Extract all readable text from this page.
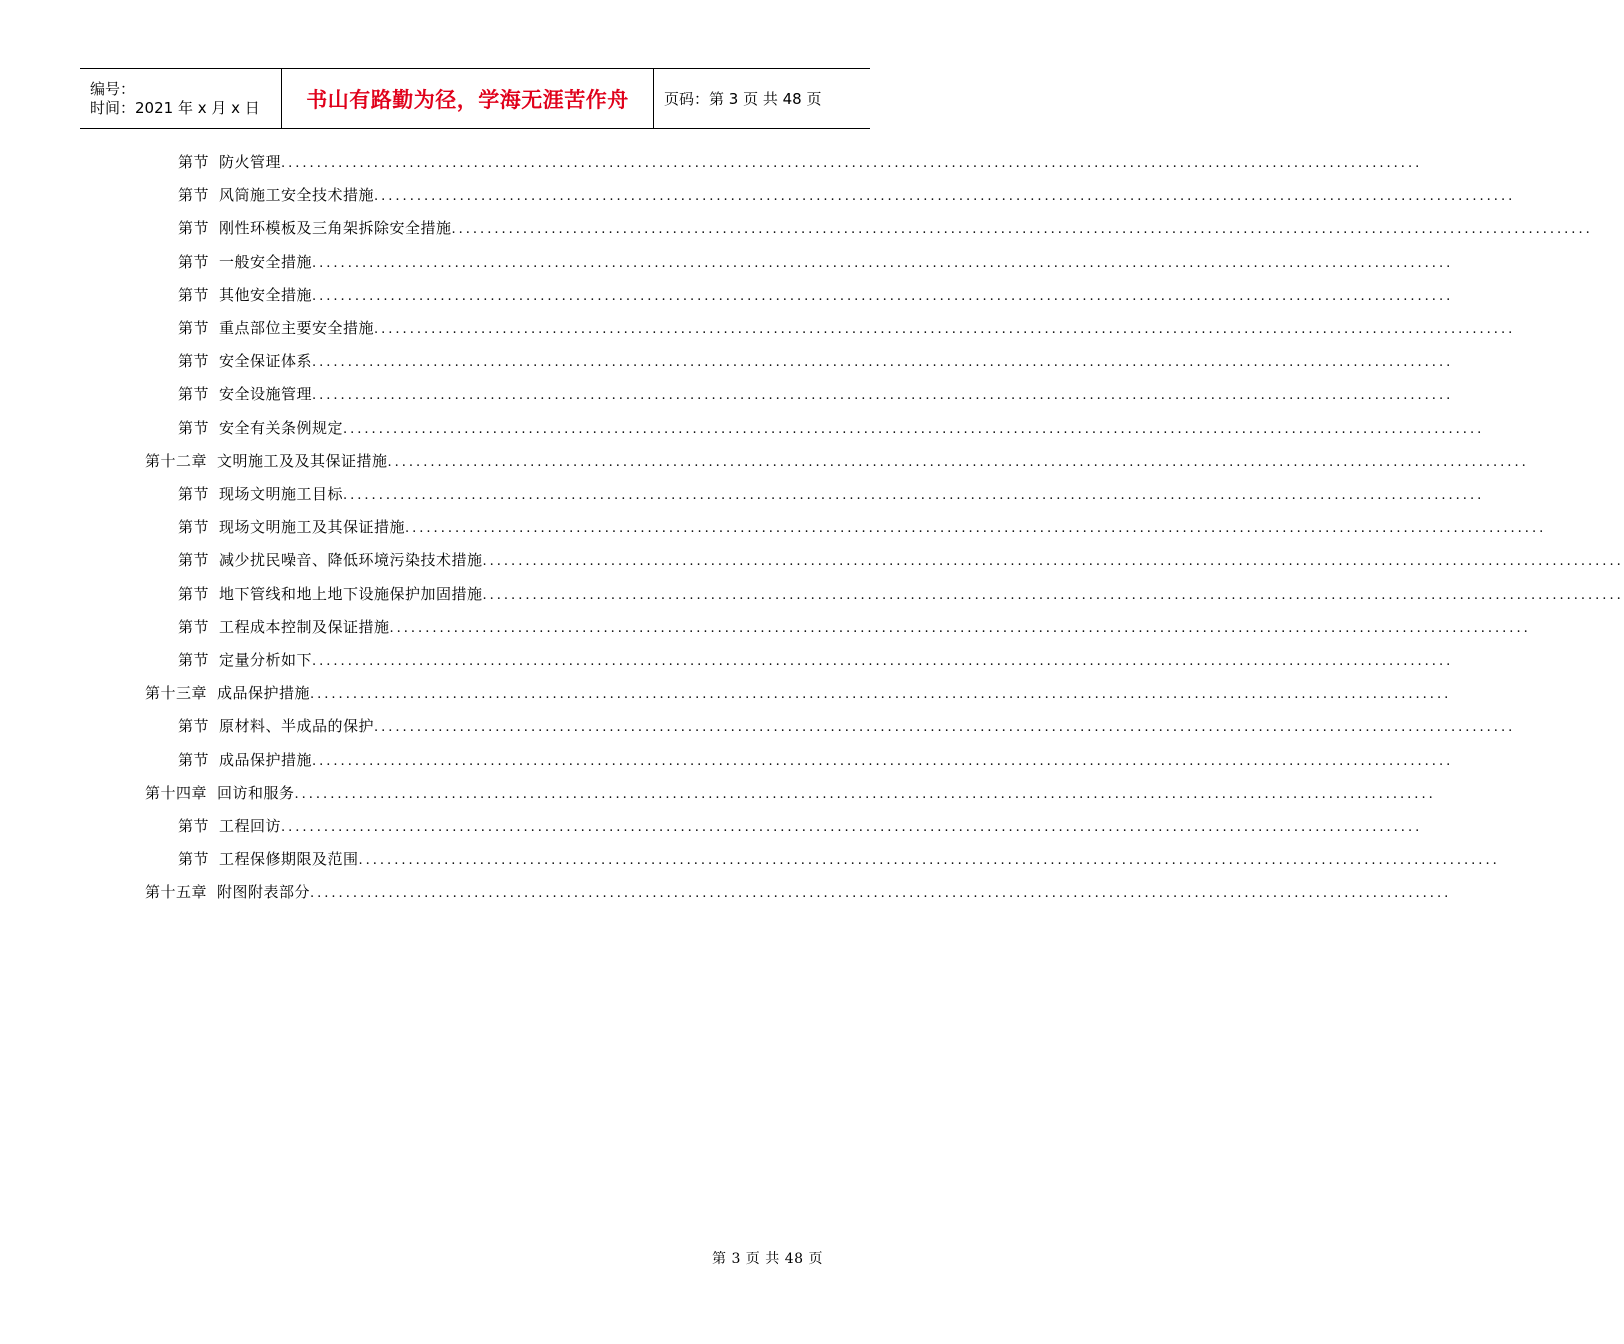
编号：
时间：2021 年 x 月 x 日	书山有路勤为径，学海无涯苦作舟	页码：第 3 页 共 48 页
第节 防火管理 ................................................................................................................................................................
第节 风筒施工安全技术措施 ................................................................................................................................................................
第节 刚性环模板及三角架拆除安全措施 ................................................................................................................................................................
第节 一般安全措施 ................................................................................................................................................................
第节 其他安全措施 ................................................................................................................................................................
第节 重点部位主要安全措施 ................................................................................................................................................................
第节 安全保证体系 ................................................................................................................................................................
第节 安全设施管理 ................................................................................................................................................................
第节 安全有关条例规定 ................................................................................................................................................................
第十二章 文明施工及及其保证措施 ................................................................................................................................................................
第节 现场文明施工目标 ................................................................................................................................................................
第节 现场文明施工及其保证措施 ................................................................................................................................................................
第节 减少扰民噪音、降低环境污染技术措施 ................................................................................................................................................................
第节 地下管线和地上地下设施保护加固措施 ................................................................................................................................................................
第节 工程成本控制及保证措施 ................................................................................................................................................................
第节 定量分析如下 ................................................................................................................................................................
第十三章 成品保护措施 ................................................................................................................................................................
第节 原材料、半成品的保护 ................................................................................................................................................................
第节 成品保护措施 ................................................................................................................................................................
第十四章 回访和服务 ................................................................................................................................................................
第节 工程回访 ................................................................................................................................................................
第节 工程保修期限及范围 ................................................................................................................................................................
第十五章 附图附表部分 ................................................................................................................................................................
第 3 页 共 48 页
